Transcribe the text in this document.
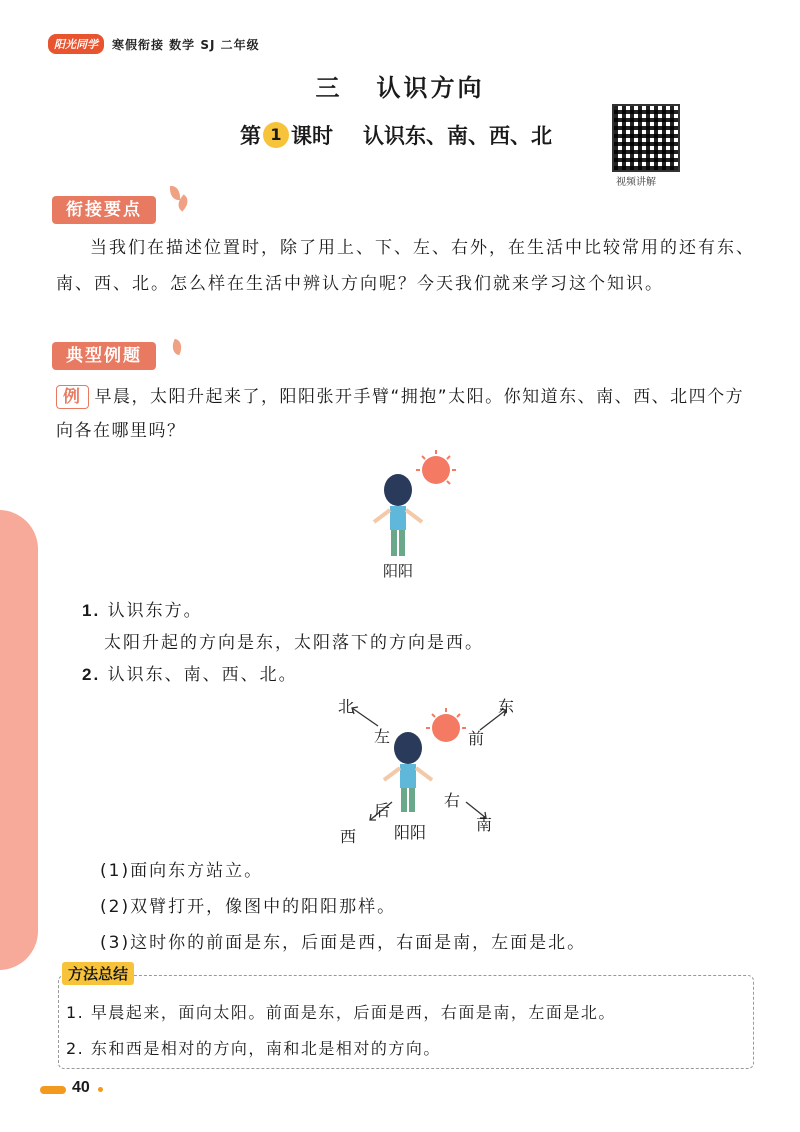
阳光同学	寒假衔接 数学 SJ 二年级
三   认识方向
第 1 课时 认识东、南、西、北
视频讲解
衔接要点
当我们在描述位置时，除了用上、下、左、右外，在生活中比较常用的还有东、南、西、北。怎么样在生活中辨认方向呢？今天我们就来学习这个知识。
典型例题
例 早晨，太阳升起来了，阳阳张开手臂“拥抱”太阳。你知道东、南、西、北四个方向各在哪里吗？
阳阳
1. 认识东方。
太阳升起的方向是东，太阳落下的方向是西。
2. 认识东、南、西、北。
北	东
南
西
左	前
后
右
阳阳
(1)面向东方站立。
(2)双臂打开，像图中的阳阳那样。
(3)这时你的前面是东，后面是西，右面是南，左面是北。
方法总结
1. 早晨起来，面向太阳。前面是东，后面是西，右面是南，左面是北。
2. 东和西是相对的方向，南和北是相对的方向。
40
